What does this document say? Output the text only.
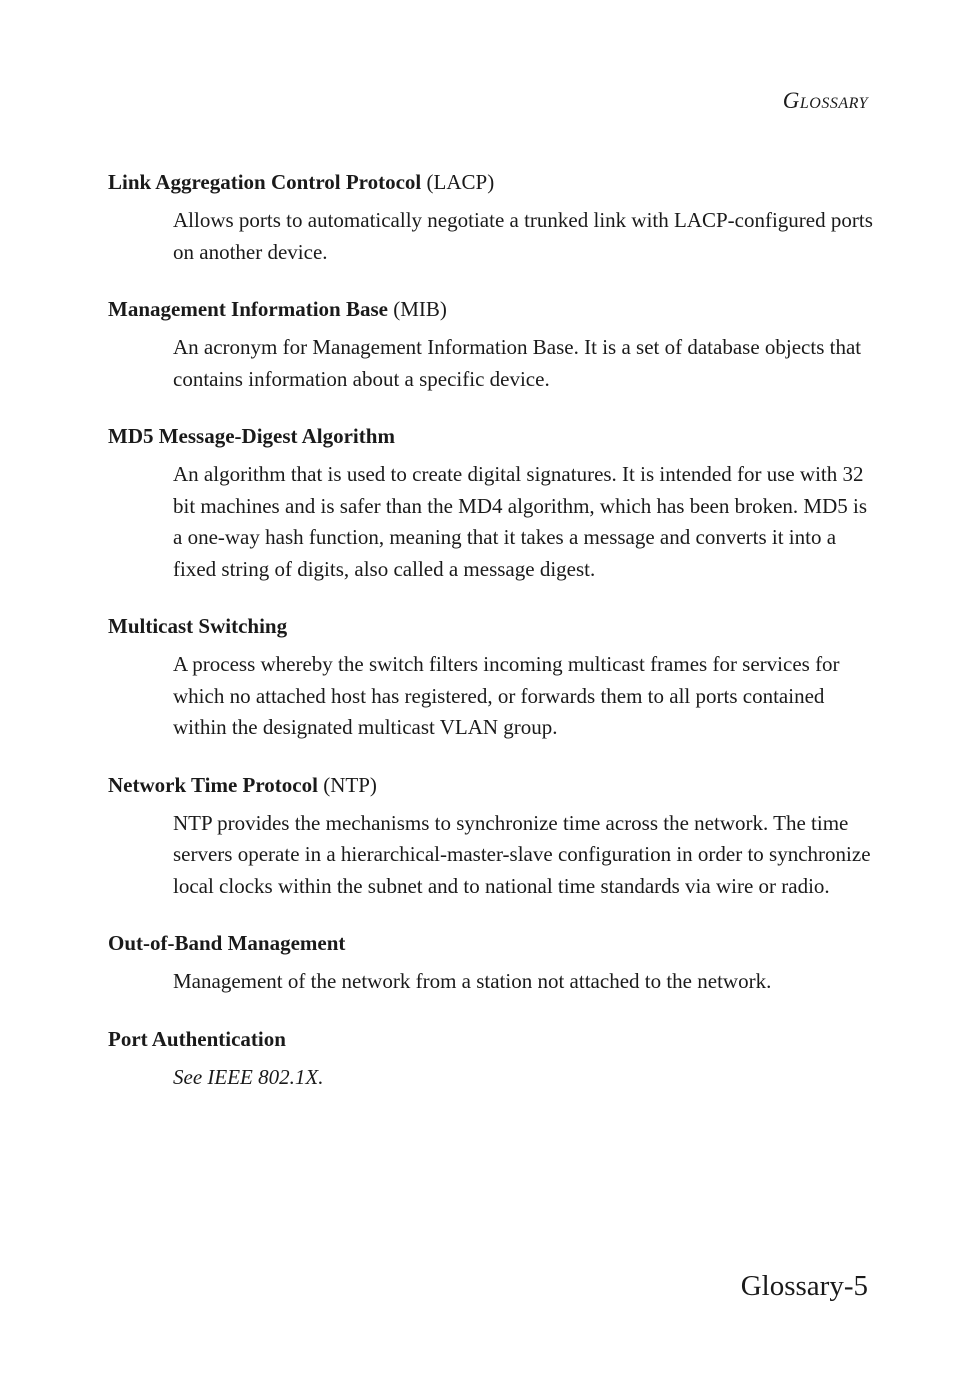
Glossary
Link Aggregation Control Protocol (LACP)
Allows ports to automatically negotiate a trunked link with LACP-configured ports on another device.
Management Information Base (MIB)
An acronym for Management Information Base. It is a set of database objects that contains information about a specific device.
MD5 Message-Digest Algorithm
An algorithm that is used to create digital signatures. It is intended for use with 32 bit machines and is safer than the MD4 algorithm, which has been broken. MD5 is a one-way hash function, meaning that it takes a message and converts it into a fixed string of digits, also called a message digest.
Multicast Switching
A process whereby the switch filters incoming multicast frames for services for which no attached host has registered, or forwards them to all ports contained within the designated multicast VLAN group.
Network Time Protocol (NTP)
NTP provides the mechanisms to synchronize time across the network. The time servers operate in a hierarchical-master-slave configuration in order to synchronize local clocks within the subnet and to national time standards via wire or radio.
Out-of-Band Management
Management of the network from a station not attached to the network.
Port Authentication
See IEEE 802.1X.
Glossary-5
